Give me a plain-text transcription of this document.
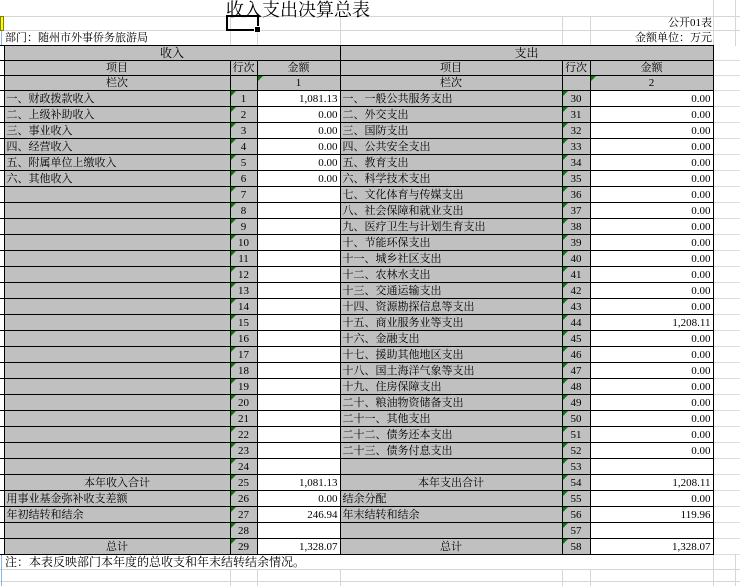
收入支出决算总表
公开01表
部门：随州市外事侨务旅游局	金额单位：万元
	收入			支出			
	项目	行次	金额	项目	行次	金额	
	栏次		1	栏次		2	
	一、财政拨款收入	1	1,081.13	一、一般公共服务支出	30	0.00	
	二、上级补助收入	2	0.00	二、外交支出	31	0.00	
	三、事业收入	3	0.00	三、国防支出	32	0.00	
	四、经营收入	4	0.00	四、公共安全支出	33	0.00	
	五、附属单位上缴收入	5	0.00	五、教育支出	34	0.00	
	六、其他收入	6	0.00	六、科学技术支出	35	0.00	
		7		七、文化体育与传媒支出	36	0.00	
		8		八、社会保障和就业支出	37	0.00	
		9		九、医疗卫生与计划生育支出	38	0.00	
		10		十、节能环保支出	39	0.00	
		11		十一、城乡社区支出	40	0.00	
		12		十二、农林水支出	41	0.00	
		13		十三、交通运输支出	42	0.00	
		14		十四、资源勘探信息等支出	43	0.00	
		15		十五、商业服务业等支出	44	1,208.11	
		16		十六、金融支出	45	0.00	
		17		十七、援助其他地区支出	46	0.00	
		18		十八、国土海洋气象等支出	47	0.00	
		19		十九、住房保障支出	48	0.00	
		20		二十、粮油物资储备支出	49	0.00	
		21		二十一、其他支出	50	0.00	
		22		二十二、债务还本支出	51	0.00	
		23		二十三、债务付息支出	52	0.00	
		24			53		
	本年收入合计	25	1,081.13	本年支出合计	54	1,208.11	
	用事业基金弥补收支差额	26	0.00	结余分配	55	0.00	
	年初结转和结余	27	246.94	年末结转和结余	56	119.96	
		28			57		
	总计	29	1,328.07	总计	58	1,328.07	
注：本表反映部门本年度的总收支和年末结转结余情况。
